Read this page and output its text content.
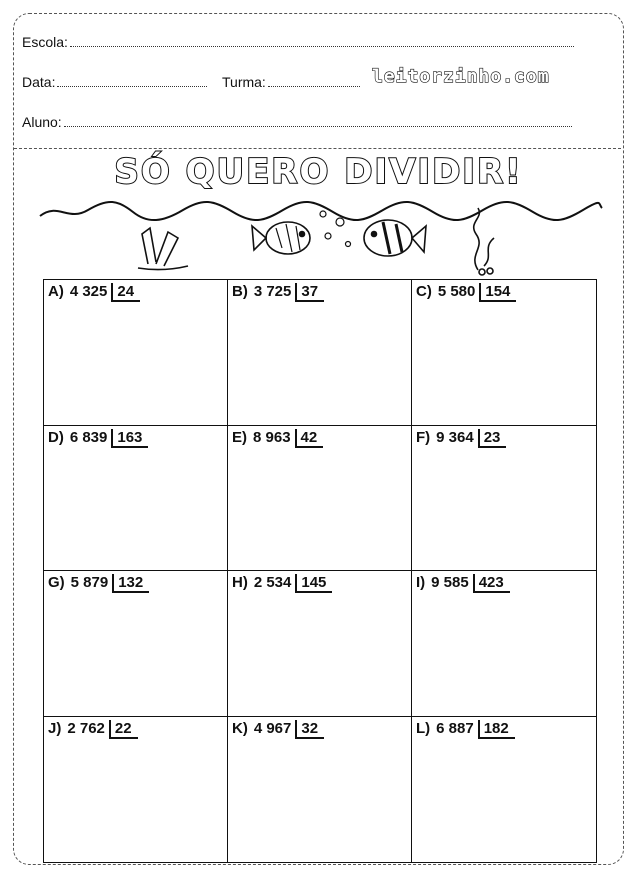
Escola:
Data:	Turma:	leitorzinho.com
Aluno:
SÓ QUERO DIVIDIR!
A) 4 325 24	B) 3 725 37	C) 5 580 154
D) 6 839 163	E) 8 963 42	F) 9 364 23
G) 5 879 132	H) 2 534 145	I) 9 585 423
J) 2 762 22	K) 4 967 32	L) 6 887 182
